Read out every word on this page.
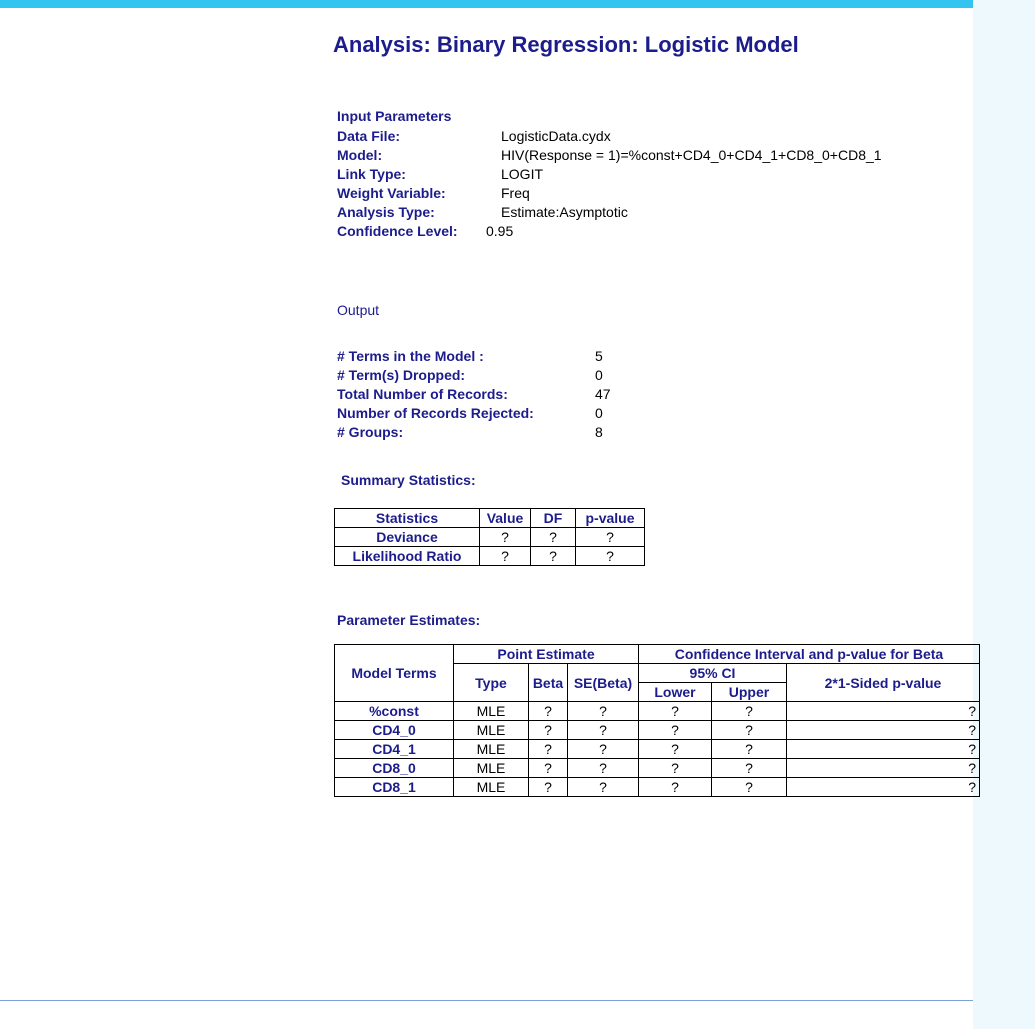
Analysis: Binary Regression: Logistic Model
Input Parameters
Data File:	LogisticData.cydx
Model:	HIV(Response = 1)=%const+CD4_0+CD4_1+CD8_0+CD8_1
Link Type:	LOGIT
Weight Variable:	Freq
Analysis Type:	Estimate:Asymptotic
Confidence Level: 0.95
Output
# Terms in the Model :	5
# Term(s) Dropped:	0
Total Number of Records:	47
Number of Records Rejected:	0
# Groups:	8
Summary Statistics:
Statistics	Value	DF	p-value
Deviance	?	?	?
Likelihood Ratio	?	?	?
Parameter Estimates:
Model Terms	Point Estimate			Confidence Interval and p-value for Beta		
	Type	Beta	SE(Beta)	95% CI		2*1-Sided p-value
				Lower	Upper	
%const	MLE	?	?	?	?	?
CD4_0	MLE	?	?	?	?	?
CD4_1	MLE	?	?	?	?	?
CD8_0	MLE	?	?	?	?	?
CD8_1	MLE	?	?	?	?	?
